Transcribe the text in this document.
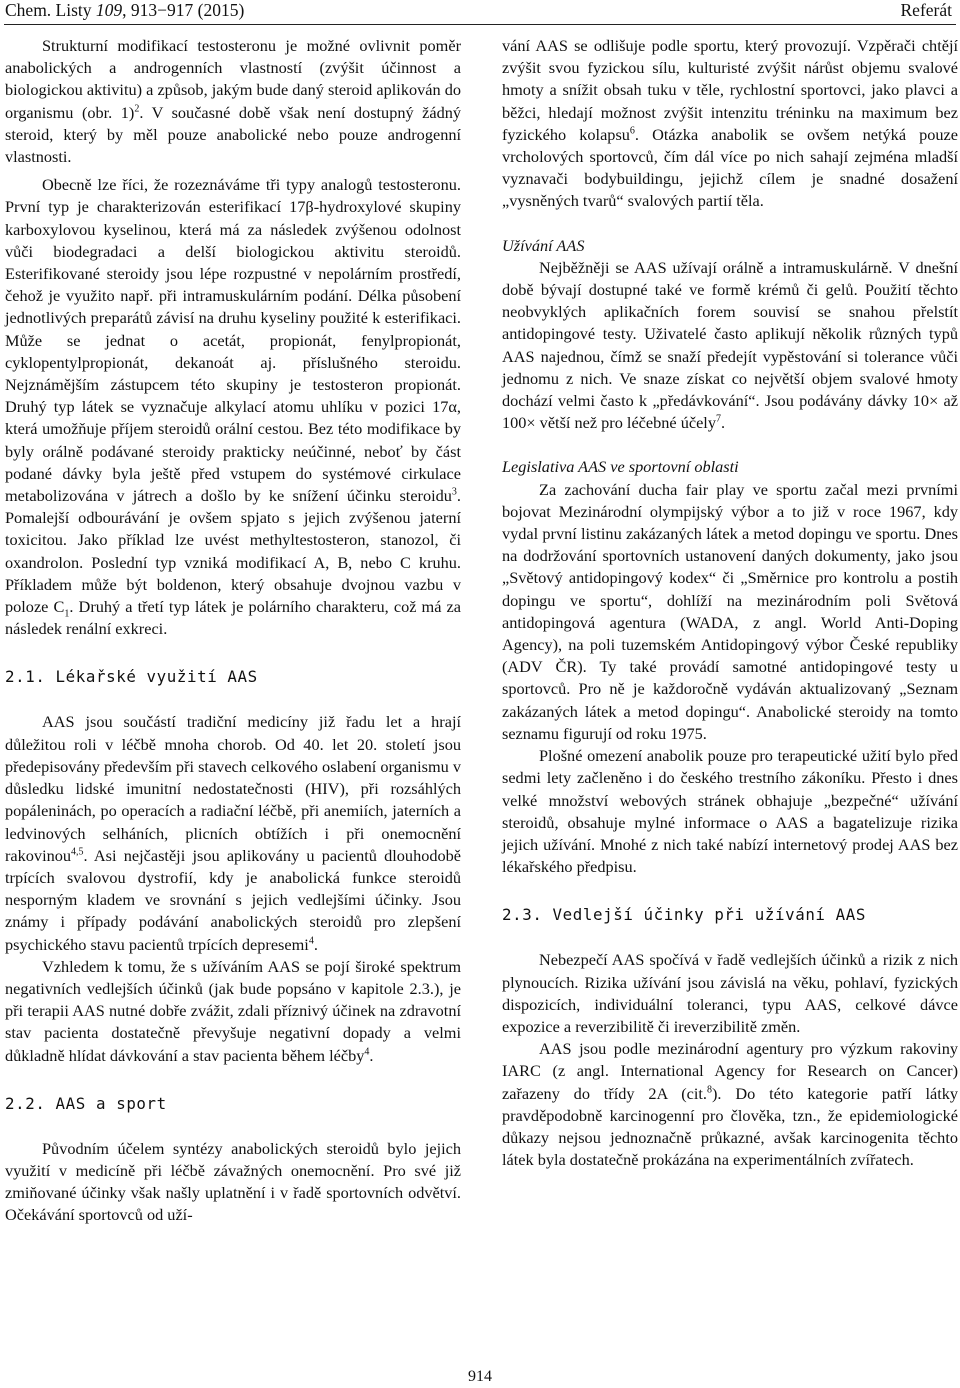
Chem. Listy 109, 913−917 (2015)	Referát

Strukturní modifikací testosteronu je možné ovlivnit poměr anabolických a androgenních vlastností (zvýšit účinnost a biologickou aktivitu) a způsob, jakým bude daný steroid aplikován do organismu (obr. 1)$^2$. V současné době však není dostupný žádný steroid, který by měl pouze anabolické nebo pouze androgenní vlastnosti.

Obecně lze říci, že rozeznáváme tři typy analogů testosteronu. První typ je charakterizován esterifikací 17β-hydroxylové skupiny karboxylovou kyselinou, která má za následek zvýšenou odolnost vůči biodegradaci a delší biologickou aktivitu steroidů. Esterifikované steroidy jsou lépe rozpustné v nepolárním prostředí, čehož je využito např. při intramuskulárním podání. Délka působení jednotlivých preparátů závisí na druhu kyseliny použité k esterifikaci. Může se jednat o acetát, propionát, fenylpropionát, cyklopentylpropionát, dekanoát aj. příslušného steroidu. Nejznámějším zástupcem této skupiny je testosteron propionát. Druhý typ látek se vyznačuje alkylací atomu uhlíku v pozici 17α, která umožňuje příjem steroidů orální cestou. Bez této modifikace by byly orálně podávané steroidy prakticky neúčinné, neboť by část podané dávky byla ještě před vstupem do systémové cirkulace metabolizována v játrech a došlo by ke snížení účinku steroidu$^3$. Pomalejší odbourávání je ovšem spjato s jejich zvýšenou jaterní toxicitou. Jako příklad lze uvést methyltestosteron, stanozol, či oxandrolon. Poslední typ vzniká modifikací A, B, nebo C kruhu. Příkladem může být boldenon, který obsahuje dvojnou vazbu v poloze $C_1$. Druhý a třetí typ látek je polárního charakteru, což má za následek renální exkreci.

2.1. Lékařské využití AAS

AAS jsou součástí tradiční medicíny již řadu let a hrají důležitou roli v léčbě mnoha chorob. Od 40. let 20. století jsou předepisovány především při stavech celkového oslabení organismu v důsledku lidské imunitní nedostatečnosti (HIV), při rozsáhlých popáleninách, po operacích a radiační léčbě, při anemiích, jaterních a ledvinových selháních, plicních obtížích i při onemocnění rakovinou$^{4,5}$. Asi nejčastěji jsou aplikovány u pacientů dlouhodobě trpících svalovou dystrofií, kdy je anabolická funkce steroidů nesporným kladem ve srovnání s jejich vedlejšími účinky. Jsou známy i případy podávání anabolických steroidů pro zlepšení psychického stavu pacientů trpících depresemi$^4$.

Vzhledem k tomu, že s užíváním AAS se pojí široké spektrum negativních vedlejších účinků (jak bude popsáno v kapitole 2.3.), je při terapii AAS nutné dobře zvážit, zdali příznivý účinek na zdravotní stav pacienta dostatečně převyšuje negativní dopady a velmi důkladně hlídat dávkování a stav pacienta během léčby$^4$.

2.2. AAS a sport

Původním účelem syntézy anabolických steroidů bylo jejich využití v medicíně při léčbě závažných onemocnění. Pro své již zmiňované účinky však našly uplatnění i v řadě sportovních odvětví. Očekávání sportovců od uží-

vání AAS se odlišuje podle sportu, který provozují. Vzpěrači chtějí zvýšit svou fyzickou sílu, kulturisté zvýšit nárůst objemu svalové hmoty a snížit obsah tuku v těle, rychlostní sportovci, jako plavci a běžci, hledají možnost zvýšit intenzitu tréninku na maximum bez fyzického kolapsu$^6$. Otázka anabolik se ovšem netýká pouze vrcholových sportovců, čím dál více po nich sahají zejména mladší vyznavači bodybuildingu, jejichž cílem je snadné dosažení „vysněných tvarů“ svalových partií těla.

Užívání AAS

Nejběžněji se AAS užívají orálně a intramuskulárně. V dnešní době bývají dostupné také ve formě krémů či gelů. Použití těchto neobvyklých aplikačních forem souvisí se snahou přelstít antidopingové testy. Uživatelé často aplikují několik různých typů AAS najednou, čímž se snaží předejít vypěstování si tolerance vůči jednomu z nich. Ve snaze získat co největší objem svalové hmoty dochází velmi často k „předávkování“. Jsou podávány dávky 10× až 100× větší než pro léčebné účely$^7$.

Legislativa AAS ve sportovní oblasti

Za zachování ducha fair play ve sportu začal mezi prvními bojovat Mezinárodní olympijský výbor a to již v roce 1967, kdy vydal první listinu zakázaných látek a metod dopingu ve sportu. Dnes na dodržování sportovních ustanovení daných dokumenty, jako jsou „Světový antidopingový kodex“ či „Směrnice pro kontrolu a postih dopingu ve sportu“, dohlíží na mezinárodním poli Světová antidopingová agentura (WADA, z angl. World Anti-Doping Agency), na poli tuzemském Antidopingový výbor České republiky (ADV ČR). Ty také provádí samotné antidopingové testy u sportovců. Pro ně je každoročně vydáván aktualizovaný „Seznam zakázaných látek a metod dopingu“. Anabolické steroidy na tomto seznamu figurují od roku 1975.

Plošné omezení anabolik pouze pro terapeutické užití bylo před sedmi lety začleněno i do českého trestního zákoníku. Přesto i dnes velké množství webových stránek obhajuje „bezpečné“ užívání steroidů, obsahuje mylné informace o AAS a bagatelizuje rizika jejich užívání. Mnohé z nich také nabízí internetový prodej AAS bez lékařského předpisu.

2.3. Vedlejší účinky při užívání AAS

Nebezpečí AAS spočívá v řadě vedlejších účinků a rizik z nich plynoucích. Rizika užívání jsou závislá na věku, pohlaví, fyzických dispozicích, individuální toleranci, typu AAS, celkové dávce expozice a reverzibilitě či ireverzibilitě změn.

AAS jsou podle mezinárodní agentury pro výzkum rakoviny IARC (z angl. International Agency for Research on Cancer) zařazeny do třídy 2A (cit.$^8$). Do této kategorie patří látky pravděpodobně karcinogenní pro člověka, tzn., že epidemiologické důkazy nejsou jednoznačně průkazné, avšak karcinogenita těchto látek byla dostatečně prokázána na experimentálních zvířatech.

914
